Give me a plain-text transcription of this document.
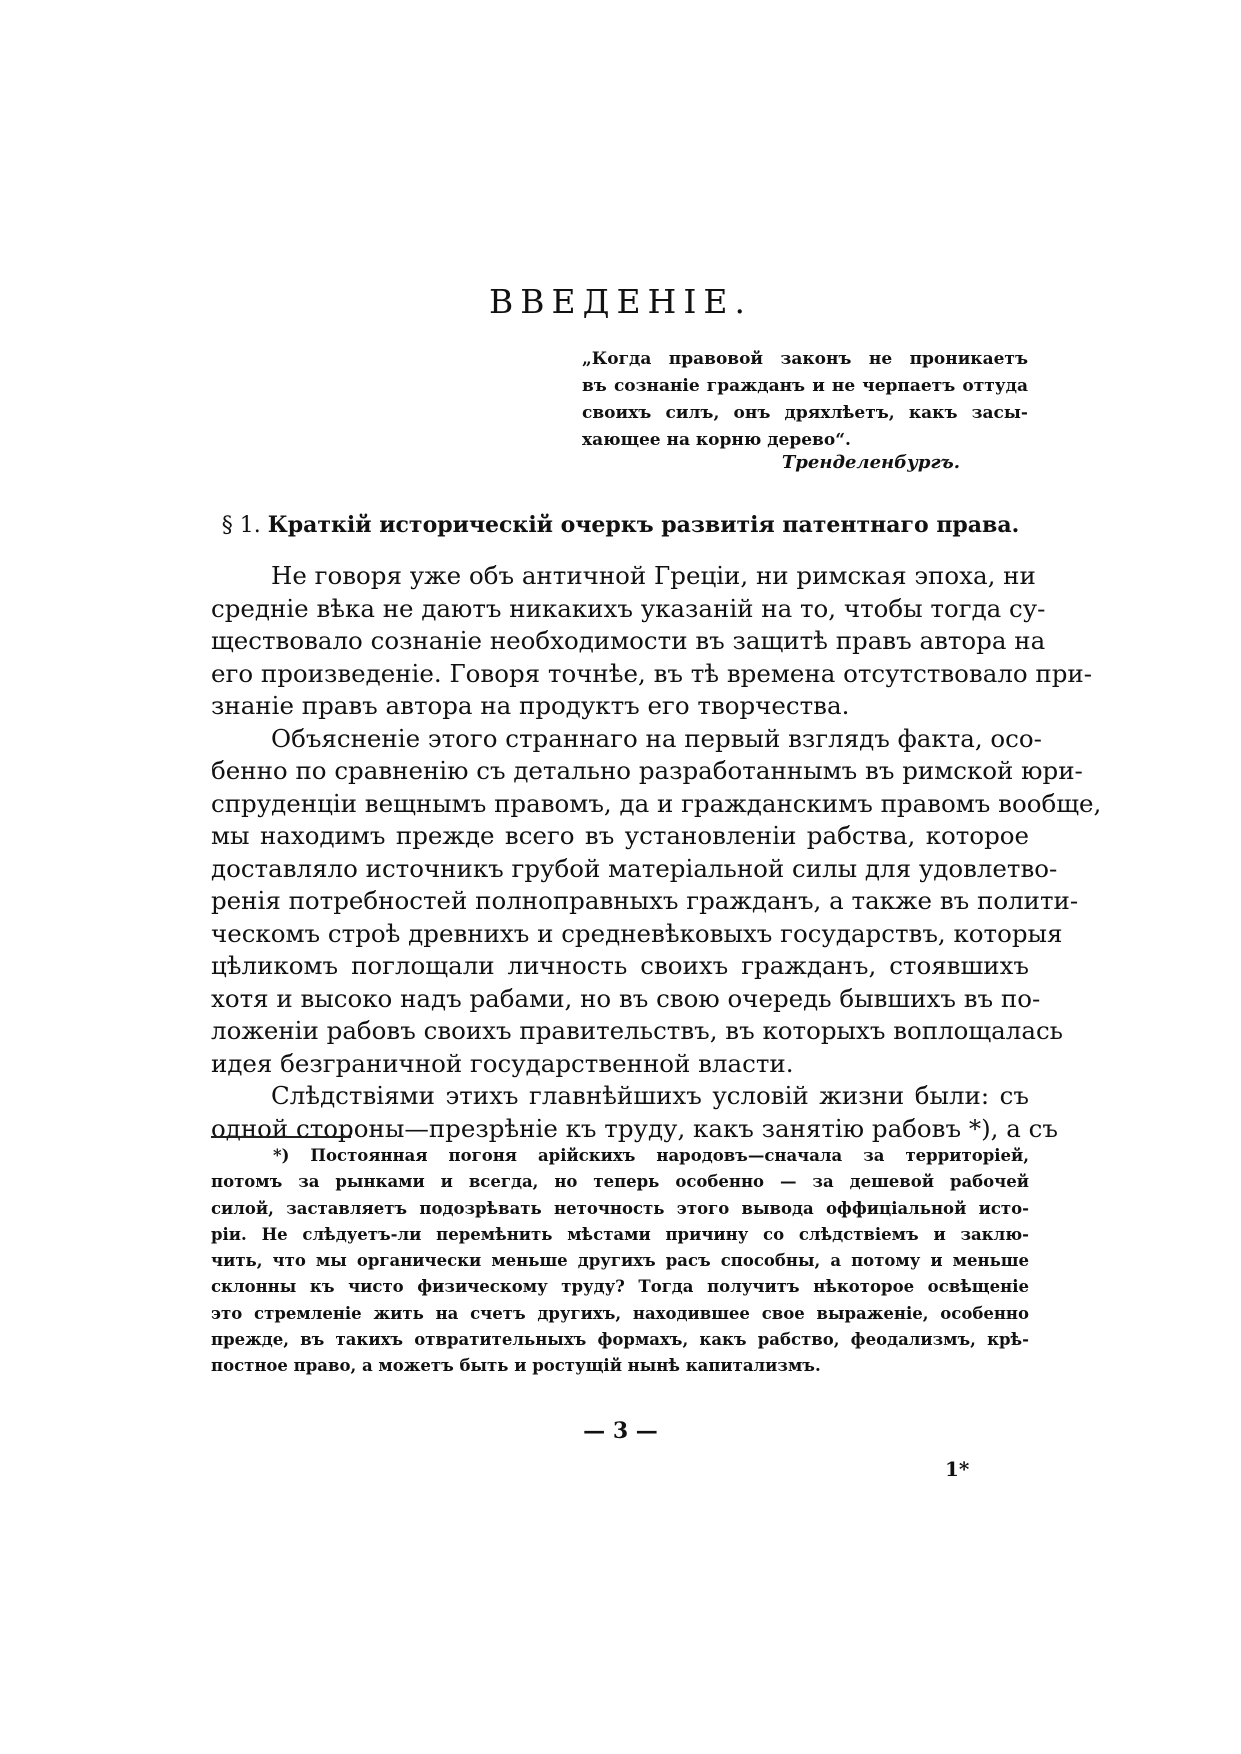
ВВЕДЕНIЕ.
„Когда правовой законъ не проникаетъ
въ сознанiе гражданъ и не черпаетъ оттуда
своихъ силъ, онъ дряхлѣетъ, какъ засы-
хающее на корню дерево“.
Тренделенбургъ.
§ 1. Краткiй историческiй очеркъ развитiя патентнаго права.
Не говоря уже объ античной Грецiи, ни римская эпоха, ни
среднiе вѣка не даютъ никакихъ указанiй на то, чтобы тогда су-
ществовало сознанiе необходимости въ защитѣ правъ автора на
его произведенiе. Говоря точнѣе, въ тѣ времена отсутствовало при-
знанiе правъ автора на продуктъ его творчества.
Объясненiе этого страннаго на первый взглядъ факта, осо-
бенно по сравненiю съ детально разработаннымъ въ римской юри-
спруденцiи вещнымъ правомъ, да и гражданскимъ правомъ вообще,
мы находимъ прежде всего въ установленiи рабства, которое
доставляло источникъ грубой матерiальной силы для удовлетво-
ренiя потребностей полноправныхъ гражданъ, а также въ полити-
ческомъ строѣ древнихъ и средневѣковыхъ государствъ, которыя
цѣликомъ поглощали личность своихъ гражданъ, стоявшихъ
хотя и высоко надъ рабами, но въ свою очередь бывшихъ въ по-
ложенiи рабовъ своихъ правительствъ, въ которыхъ воплощалась
идея безграничной государственной власти.
Слѣдствiями этихъ главнѣйшихъ условiй жизни были: съ
одной стороны—презрѣнiе къ труду, какъ занятiю рабовъ *), а съ
*) Постоянная погоня арiйскихъ народовъ—сначала за территорiей,
потомъ за рынками и всегда, но теперь особенно — за дешевой рабочей
силой, заставляетъ подозрѣвать неточность этого вывода оффицiальной исто-
рiи. Не слѣдуетъ-ли перемѣнить мѣстами причину со слѣдствiемъ и заклю-
чить, что мы органически меньше другихъ расъ способны, а потому и меньше
склонны къ чисто физическому труду? Тогда получитъ нѣкоторое освѣщенiе
это стремленiе жить на счетъ другихъ, находившее свое выраженiе, особенно
прежде, въ такихъ отвратительныхъ формахъ, какъ рабство, феодализмъ, крѣ-
постное право, а можетъ быть и ростущiй нынѣ капитализмъ.
— 3 —
1*
